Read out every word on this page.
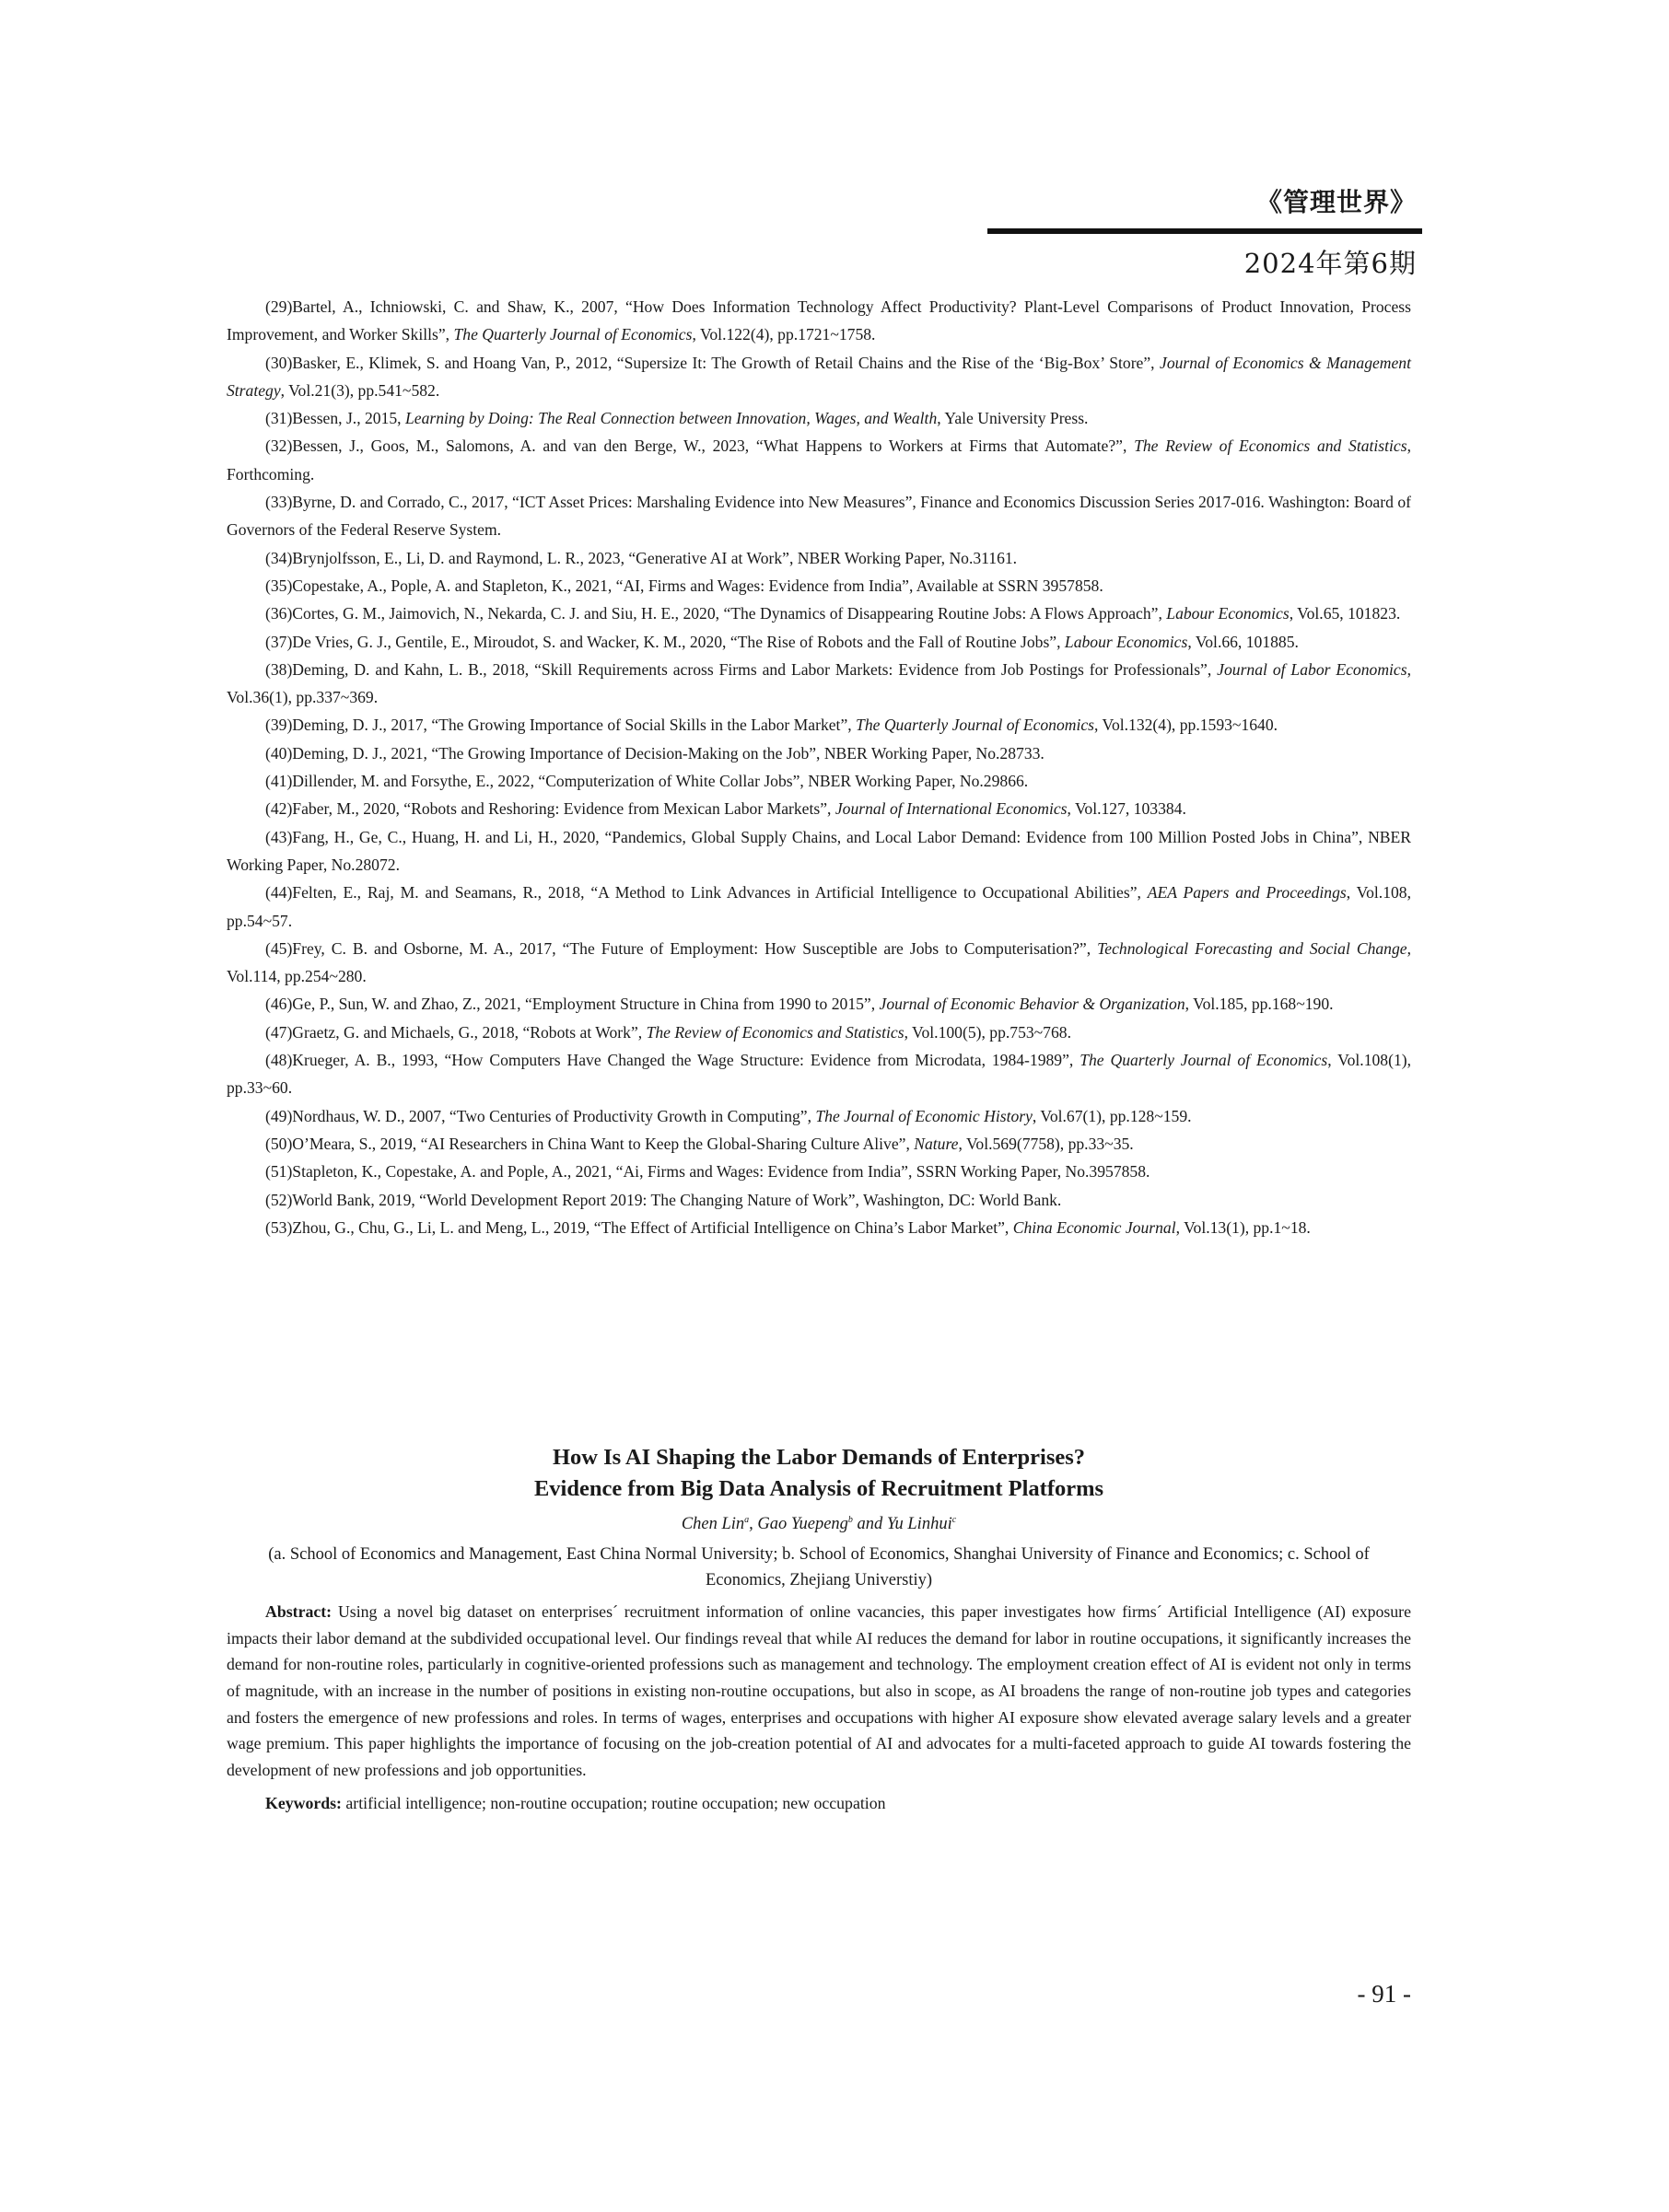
《管理世界》
2024年第6期

(29)Bartel, A., Ichniowski, C. and Shaw, K., 2007, “How Does Information Technology Affect Productivity? Plant-Level Comparisons of Product Innovation, Process Improvement, and Worker Skills”, The Quarterly Journal of Economics, Vol.122(4), pp.1721~1758.

(30)Basker, E., Klimek, S. and Hoang Van, P., 2012, “Supersize It: The Growth of Retail Chains and the Rise of the ‘Big-Box’ Store”, Journal of Economics & Management Strategy, Vol.21(3), pp.541~582.

(31)Bessen, J., 2015, Learning by Doing: The Real Connection between Innovation, Wages, and Wealth, Yale University Press.

(32)Bessen, J., Goos, M., Salomons, A. and van den Berge, W., 2023, “What Happens to Workers at Firms that Automate?”, The Review of Economics and Statistics, Forthcoming.

(33)Byrne, D. and Corrado, C., 2017, “ICT Asset Prices: Marshaling Evidence into New Measures”, Finance and Economics Discussion Series 2017-016. Washington: Board of Governors of the Federal Reserve System.

(34)Brynjolfsson, E., Li, D. and Raymond, L. R., 2023, “Generative AI at Work”, NBER Working Paper, No.31161.

(35)Copestake, A., Pople, A. and Stapleton, K., 2021, “AI, Firms and Wages: Evidence from India”, Available at SSRN 3957858.

(36)Cortes, G. M., Jaimovich, N., Nekarda, C. J. and Siu, H. E., 2020, “The Dynamics of Disappearing Routine Jobs: A Flows Approach”, Labour Economics, Vol.65, 101823.

(37)De Vries, G. J., Gentile, E., Miroudot, S. and Wacker, K. M., 2020, “The Rise of Robots and the Fall of Routine Jobs”, Labour Economics, Vol.66, 101885.

(38)Deming, D. and Kahn, L. B., 2018, “Skill Requirements across Firms and Labor Markets: Evidence from Job Postings for Professionals”, Journal of Labor Economics, Vol.36(1), pp.337~369.

(39)Deming, D. J., 2017, “The Growing Importance of Social Skills in the Labor Market”, The Quarterly Journal of Economics, Vol.132(4), pp.1593~1640.

(40)Deming, D. J., 2021, “The Growing Importance of Decision-Making on the Job”, NBER Working Paper, No.28733.

(41)Dillender, M. and Forsythe, E., 2022, “Computerization of White Collar Jobs”, NBER Working Paper, No.29866.

(42)Faber, M., 2020, “Robots and Reshoring: Evidence from Mexican Labor Markets”, Journal of International Economics, Vol.127, 103384.

(43)Fang, H., Ge, C., Huang, H. and Li, H., 2020, “Pandemics, Global Supply Chains, and Local Labor Demand: Evidence from 100 Million Posted Jobs in China”, NBER Working Paper, No.28072.

(44)Felten, E., Raj, M. and Seamans, R., 2018, “A Method to Link Advances in Artificial Intelligence to Occupational Abilities”, AEA Papers and Proceedings, Vol.108, pp.54~57.

(45)Frey, C. B. and Osborne, M. A., 2017, “The Future of Employment: How Susceptible are Jobs to Computerisation?”, Technological Forecasting and Social Change, Vol.114, pp.254~280.

(46)Ge, P., Sun, W. and Zhao, Z., 2021, “Employment Structure in China from 1990 to 2015”, Journal of Economic Behavior & Organization, Vol.185, pp.168~190.

(47)Graetz, G. and Michaels, G., 2018, “Robots at Work”, The Review of Economics and Statistics, Vol.100(5), pp.753~768.

(48)Krueger, A. B., 1993, “How Computers Have Changed the Wage Structure: Evidence from Microdata, 1984-1989”, The Quarterly Journal of Economics, Vol.108(1), pp.33~60.

(49)Nordhaus, W. D., 2007, “Two Centuries of Productivity Growth in Computing”, The Journal of Economic History, Vol.67(1), pp.128~159.

(50)O’Meara, S., 2019, “AI Researchers in China Want to Keep the Global-Sharing Culture Alive”, Nature, Vol.569(7758), pp.33~35.

(51)Stapleton, K., Copestake, A. and Pople, A., 2021, “Ai, Firms and Wages: Evidence from India”, SSRN Working Paper, No.3957858.

(52)World Bank, 2019, “World Development Report 2019: The Changing Nature of Work”, Washington, DC: World Bank.

(53)Zhou, G., Chu, G., Li, L. and Meng, L., 2019, “The Effect of Artificial Intelligence on China’s Labor Market”, China Economic Journal, Vol.13(1), pp.1~18.

How Is AI Shaping the Labor Demands of Enterprises?

Evidence from Big Data Analysis of Recruitment Platforms

Chen Lin$^a$, Gao Yuepeng$^b$ and Yu Linhui$^c$
(a. School of Economics and Management, East China Normal University; b. School of Economics, Shanghai University of Finance and Economics; c. School of Economics, Zhejiang Universtiy)

Abstract: Using a novel big dataset on enterprises´ recruitment information of online vacancies, this paper investigates how firms´ Artificial Intelligence (AI) exposure impacts their labor demand at the subdivided occupational level. Our findings reveal that while AI reduces the demand for labor in routine occupations, it significantly increases the demand for non-routine roles, particularly in cognitive-oriented professions such as management and technology. The employment creation effect of AI is evident not only in terms of magnitude, with an increase in the number of positions in existing non-routine occupations, but also in scope, as AI broadens the range of non-routine job types and categories and fosters the emergence of new professions and roles. In terms of wages, enterprises and occupations with higher AI exposure show elevated average salary levels and a greater wage premium. This paper highlights the importance of focusing on the job-creation potential of AI and advocates for a multi-faceted approach to guide AI towards fostering the development of new professions and job opportunities.

Keywords: artificial intelligence; non-routine occupation; routine occupation; new occupation

- 91 -
